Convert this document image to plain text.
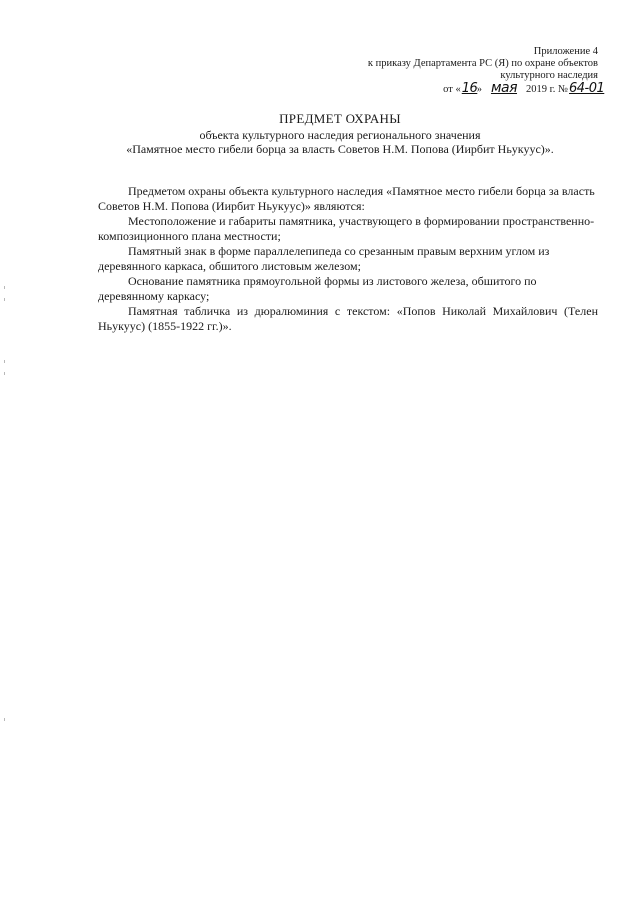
Приложение 4
к приказу Департамента РС (Я) по охране объектов
культурного наследия
от « 16 » мая 2019 г. № 64-01
ПРЕДМЕТ ОХРАНЫ
объекта культурного наследия регионального значения
«Памятное место гибели борца за власть Советов Н.М. Попова (Иирбит Ньукуус)».

Предметом охраны объекта культурного наследия «Памятное место гибели борца за власть Советов Н.М. Попова (Иирбит Ньукуус)» являются:

Местоположение и габариты памятника, участвующего в формировании пространственно-композиционного плана местности;

Памятный знак в форме параллелепипеда со срезанным правым верхним углом из деревянного каркаса, обшитого листовым железом;

Основание памятника прямоугольной формы из листового железа, обшитого по деревянному каркасу;

Памятная табличка из дюралюминия с текстом: «Попов Николай Михайлович (Телен Ньукуус) (1855-1922 гг.)».
